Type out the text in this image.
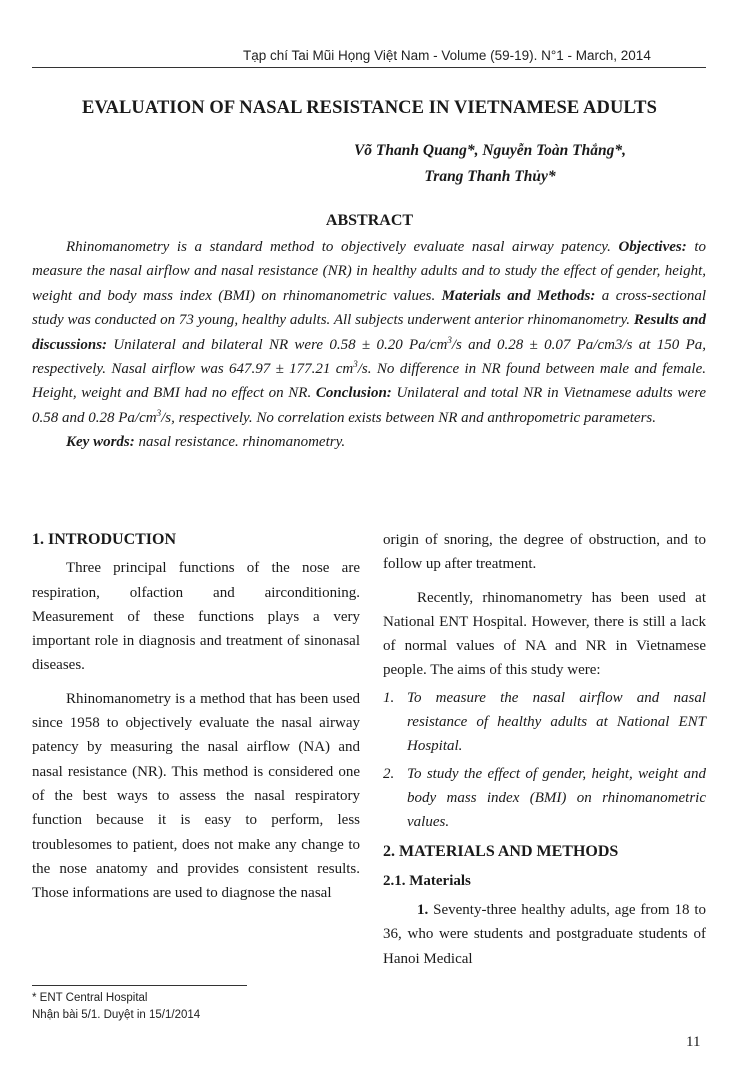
Tạp chí Tai Mũi Họng Việt Nam - Volume (59-19). N°1 - March, 2014
EVALUATION OF NASAL RESISTANCE IN VIETNAMESE ADULTS
Võ Thanh Quang*, Nguyễn Toàn Thắng*,
Trang Thanh Thủy*
ABSTRACT

Rhinomanometry is a standard method to objectively evaluate nasal airway patency. Objectives: to measure the nasal airflow and nasal resistance (NR) in healthy adults and to study the effect of gender, height, weight and body mass index (BMI) on rhinomanometric values. Materials and Methods: a cross-sectional study was conducted on 73 young, healthy adults. All subjects underwent anterior rhinomanometry. Results and discussions: Unilateral and bilateral NR were 0.58 ± 0.20 $Pa/cm^3/s$ and 0.28 ± 0.07 Pa/cm3/s at 150 Pa, respectively. Nasal airflow was 647.97 ± 177.21 $cm^3/s$. No difference in NR found between male and female. Height, weight and BMI had no effect on NR. Conclusion: Unilateral and total NR in Vietnamese adults were 0.58 and 0.28 $Pa/cm^3/s$, respectively. No correlation exists between NR and anthropometric parameters.

Key words: nasal resistance. rhinomanometry.

1. INTRODUCTION

Three principal functions of the nose are respiration, olfaction and airconditioning. Measurement of these functions plays a very important role in diagnosis and treatment of sinonasal diseases.

Rhinomanometry is a method that has been used since 1958 to objectively evaluate the nasal airway patency by measuring the nasal airflow (NA) and nasal resistance (NR). This method is considered one of the best ways to assess the nasal respiratory function because it is easy to perform, less troublesomes to patient, does not make any change to the nose anatomy and provides consistent results. Those informations are used to diagnose the nasal

origin of snoring, the degree of obstruction, and to follow up after treatment.

Recently, rhinomanometry has been used at National ENT Hospital. However, there is still a lack of normal values of NA and NR in Vietnamese people. The aims of this study were:

1. To measure the nasal airflow and nasal resistance of healthy adults at National ENT Hospital.
2. To study the effect of gender, height, weight and body mass index (BMI) on rhinomanometric values.
2. MATERIALS AND METHODS
2.1. Materials

1. Seventy-three healthy adults, age from 18 to 36, who were students and postgraduate students of Hanoi Medical

* ENT Central Hospital
Nhận bài 5/1. Duyệt in 15/1/2014
11
